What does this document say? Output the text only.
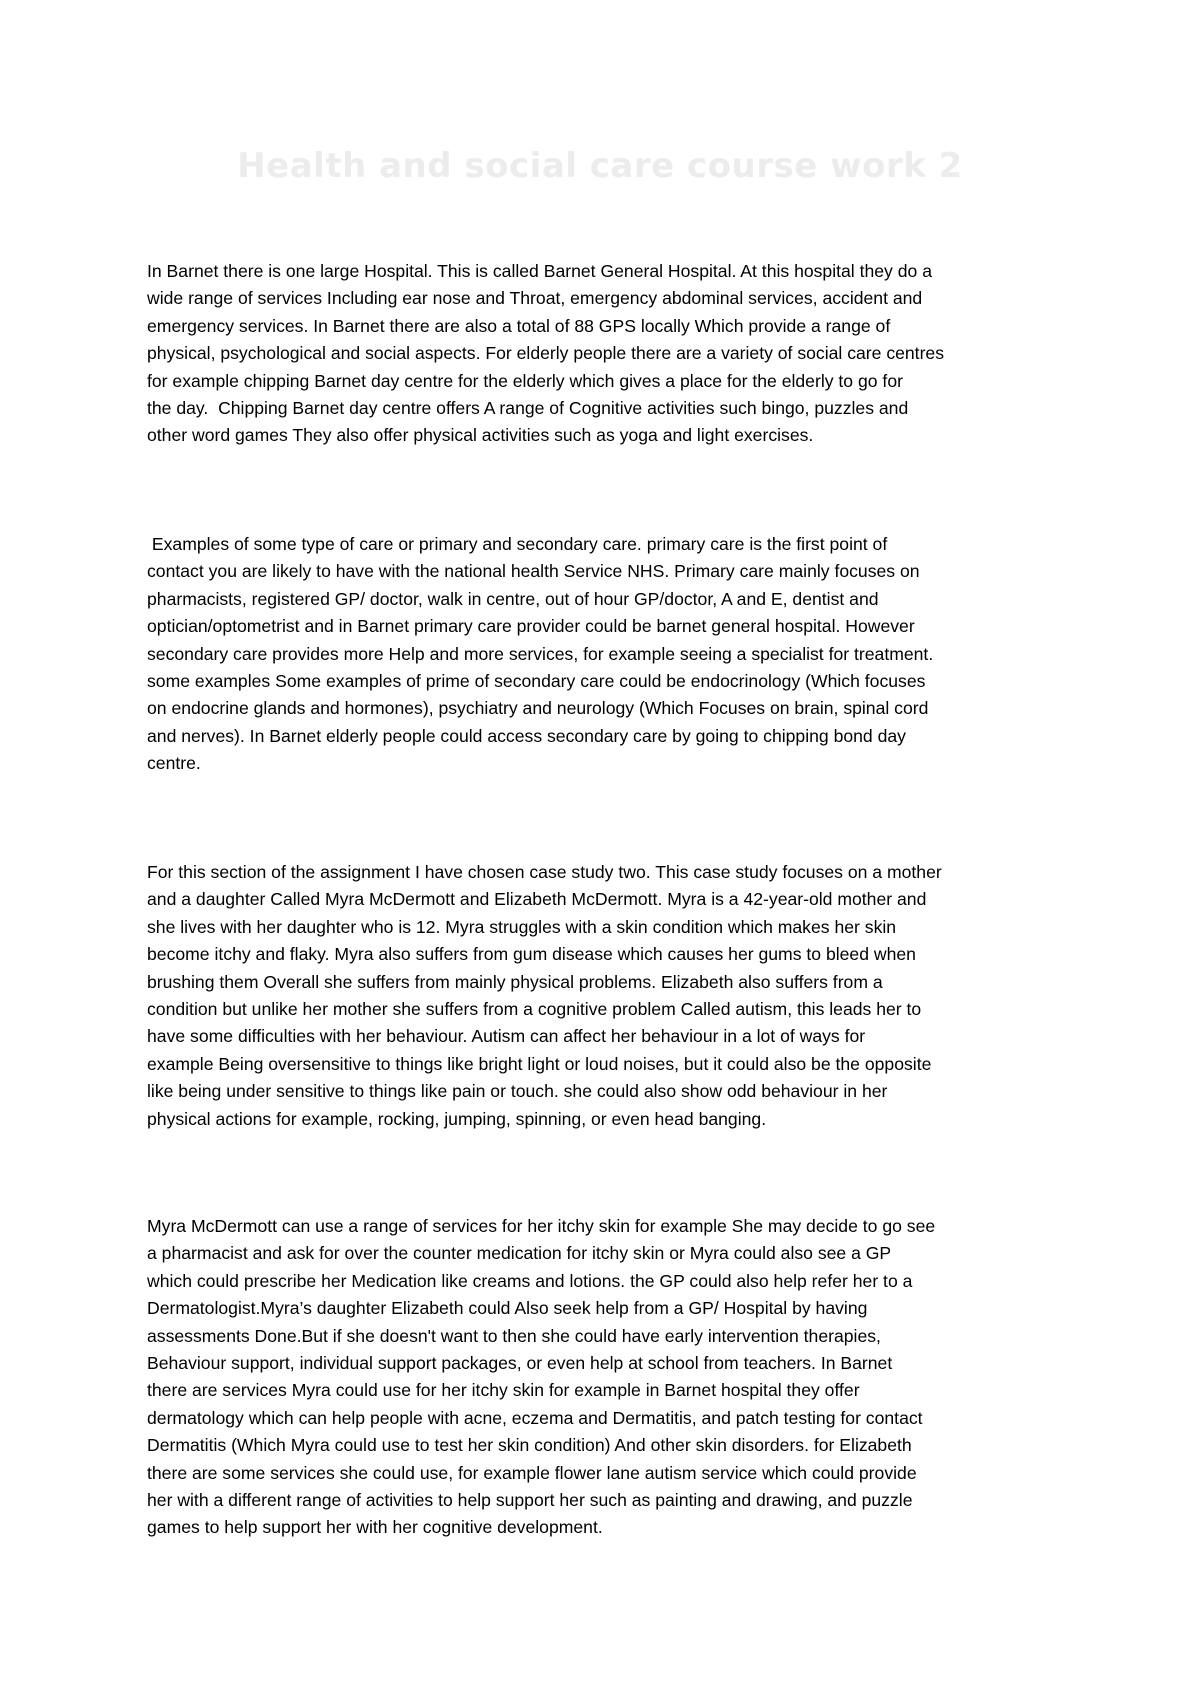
Health and social care course work 2

In Barnet there is one large Hospital. This is called Barnet General Hospital. At this hospital they do a
wide range of services Including ear nose and Throat, emergency abdominal services, accident and
emergency services. In Barnet there are also a total of 88 GPS locally Which provide a range of
physical, psychological and social aspects. For elderly people there are a variety of social care centres
for example chipping Barnet day centre for the elderly which gives a place for the elderly to go for
the day.  Chipping Barnet day centre offers A range of Cognitive activities such bingo, puzzles and
other word games They also offer physical activities such as yoga and light exercises.

Examples of some type of care or primary and secondary care. primary care is the first point of
contact you are likely to have with the national health Service NHS. Primary care mainly focuses on
pharmacists, registered GP/ doctor, walk in centre, out of hour GP/doctor, A and E, dentist and
optician/optometrist and in Barnet primary care provider could be barnet general hospital. However
secondary care provides more Help and more services, for example seeing a specialist for treatment.
some examples Some examples of prime of secondary care could be endocrinology (Which focuses
on endocrine glands and hormones), psychiatry and neurology (Which Focuses on brain, spinal cord
and nerves). In Barnet elderly people could access secondary care by going to chipping bond day
centre.

For this section of the assignment I have chosen case study two. This case study focuses on a mother
and a daughter Called Myra McDermott and Elizabeth McDermott. Myra is a 42-year-old mother and
she lives with her daughter who is 12. Myra struggles with a skin condition which makes her skin
become itchy and flaky. Myra also suffers from gum disease which causes her gums to bleed when
brushing them Overall she suffers from mainly physical problems. Elizabeth also suffers from a
condition but unlike her mother she suffers from a cognitive problem Called autism, this leads her to
have some difficulties with her behaviour. Autism can affect her behaviour in a lot of ways for
example Being oversensitive to things like bright light or loud noises, but it could also be the opposite
like being under sensitive to things like pain or touch. she could also show odd behaviour in her
physical actions for example, rocking, jumping, spinning, or even head banging.

Myra McDermott can use a range of services for her itchy skin for example She may decide to go see
a pharmacist and ask for over the counter medication for itchy skin or Myra could also see a GP
which could prescribe her Medication like creams and lotions. the GP could also help refer her to a
Dermatologist.Myra’s daughter Elizabeth could Also seek help from a GP/ Hospital by having
assessments Done.But if she doesn't want to then she could have early intervention therapies,
Behaviour support, individual support packages, or even help at school from teachers. In Barnet
there are services Myra could use for her itchy skin for example in Barnet hospital they offer
dermatology which can help people with acne, eczema and Dermatitis, and patch testing for contact
Dermatitis (Which Myra could use to test her skin condition) And other skin disorders. for Elizabeth
there are some services she could use, for example flower lane autism service which could provide
her with a different range of activities to help support her such as painting and drawing, and puzzle
games to help support her with her cognitive development.
